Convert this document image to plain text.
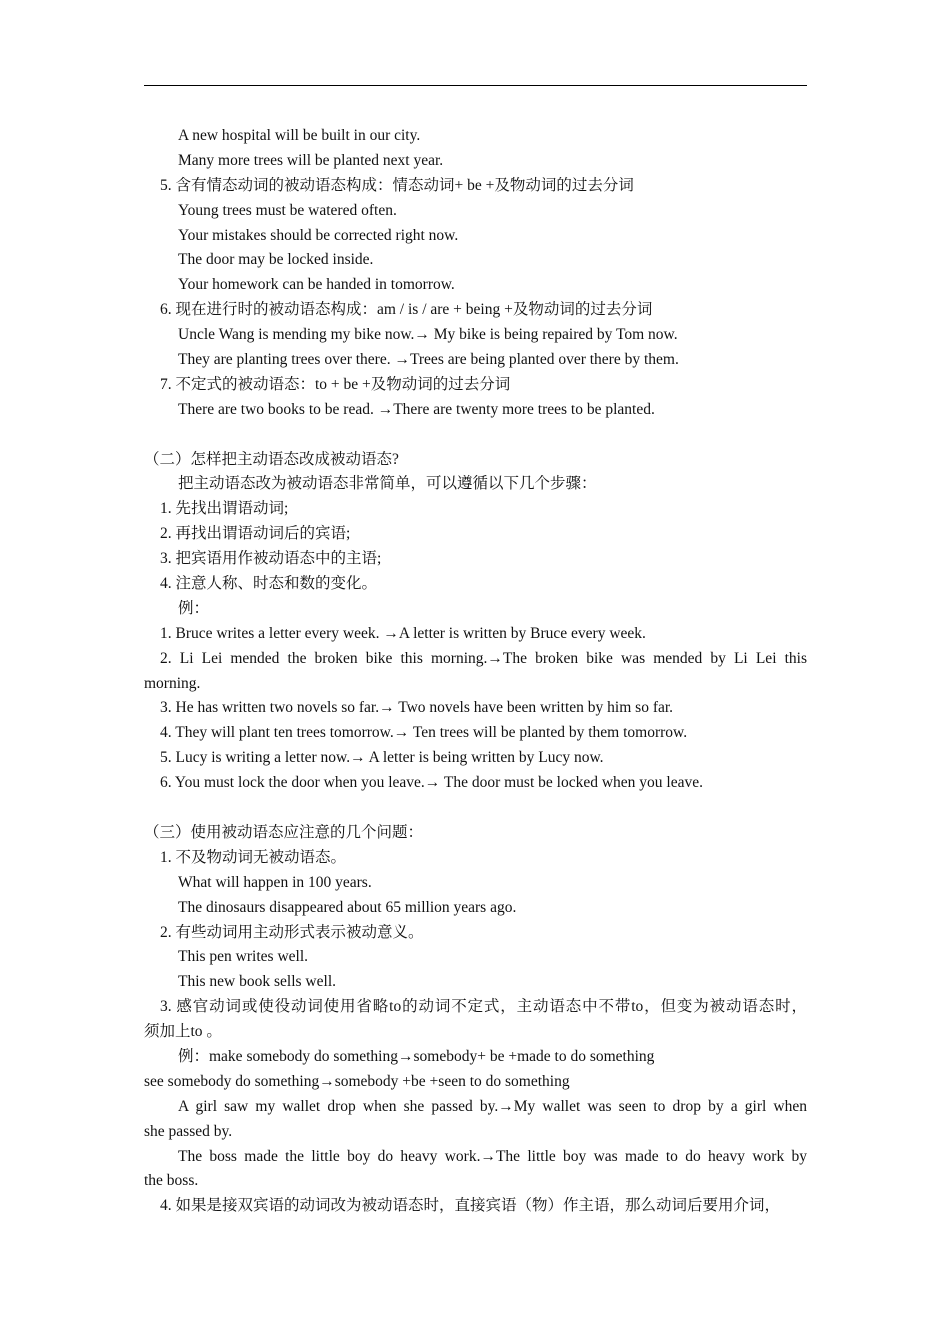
A new hospital will be built in our city.
Many more trees will be planted next year.
5. 含有情态动词的被动语态构成：情态动词+ be +及物动词的过去分词
Young trees must be watered often.
Your mistakes should be corrected right now.
The door may be locked inside.
Your homework can be handed in tomorrow.
6. 现在进行时的被动语态构成：am / is / are + being +及物动词的过去分词
Uncle Wang is mending my bike now.→ My bike is being repaired by Tom now.
They are planting trees over there. →Trees are being planted over there by them.
7. 不定式的被动语态：to + be +及物动词的过去分词
There are two books to be read. →There are twenty more trees to be planted.
（二）怎样把主动语态改成被动语态?
把主动语态改为被动语态非常简单，可以遵循以下几个步骤：
1. 先找出谓语动词;
2. 再找出谓语动词后的宾语;
3. 把宾语用作被动语态中的主语;
4. 注意人称、时态和数的变化。
例：
1. Bruce writes a letter every week. →A letter is written by Bruce every week.
2. Li Lei mended the broken bike this morning.→The broken bike was mended by Li Lei this
morning.
3. He has written two novels so far.→ Two novels have been written by him so far.
4. They will plant ten trees tomorrow.→ Ten trees will be planted by them tomorrow.
5. Lucy is writing a letter now.→ A letter is being written by Lucy now.
6. You must lock the door when you leave.→ The door must be locked when you leave.
（三）使用被动语态应注意的几个问题：
1. 不及物动词无被动语态。
What will happen in 100 years.
The dinosaurs disappeared about 65 million years ago.
2. 有些动词用主动形式表示被动意义。
This pen writes well.
This new book sells well.
3. 感官动词或使役动词使用省略to的动词不定式，主动语态中不带to，但变为被动语态时，
须加上to 。
例：make somebody do something→somebody+ be +made to do something
see somebody do something→somebody +be +seen to do something
A girl saw my wallet drop when she passed by.→My wallet was seen to drop by a girl when
she passed by.
The boss made the little boy do heavy work.→The little boy was made to do heavy work by
the boss.
4. 如果是接双宾语的动词改为被动语态时，直接宾语（物）作主语，那么动词后要用介词，
